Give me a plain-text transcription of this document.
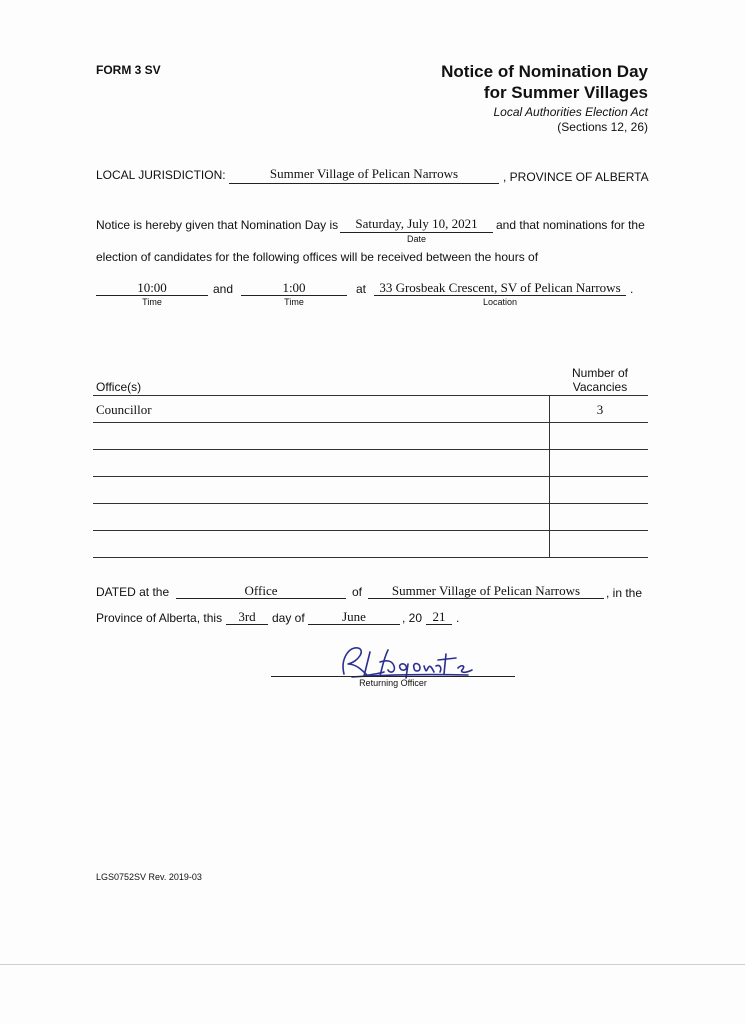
FORM 3 SV	Notice of Nomination Day
for Summer Villages
Local Authorities Election Act
(Sections 12, 26)
LOCAL JURISDICTION:	Summer Village of Pelican Narrows	, PROVINCE OF ALBERTA
Notice is hereby given that Nomination Day is	Saturday, July 10, 2021
Date
and that nominations for the
election of candidates for the following offices will be received between the hours of
10:00
Time
and	1:00
Time
at	33 Grosbeak Crescent, SV of Pelican Narrows
Location
.
Office(s)
Number of
Vacancies
Councillor	3
DATED at the	Office	of	Summer Village of Pelican Narrows	, in the
Province of Alberta, this	3rd	day of	June	, 20 21 .
Returning Officer
LGS0752SV Rev. 2019-03
